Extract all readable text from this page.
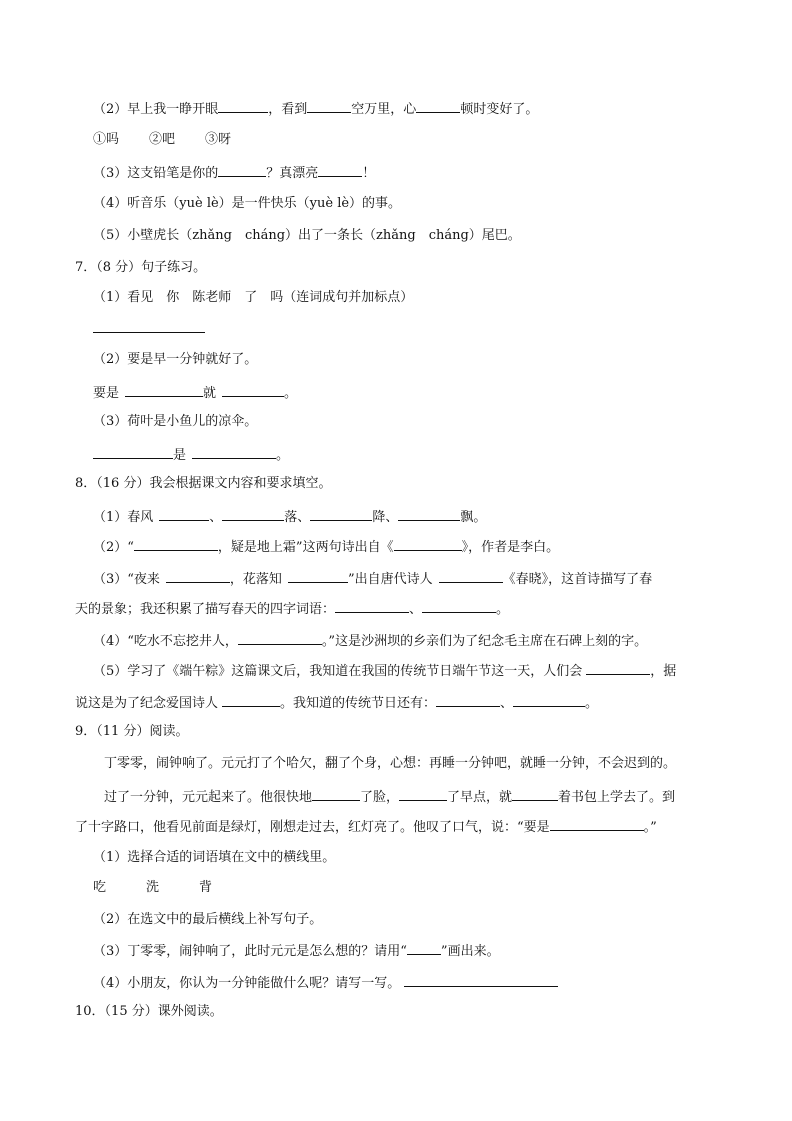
（2）早上我一睁开眼	，看到	空万里，心	顿时变好了。
①吗 ②吧 ③呀
（3）这支铅笔是你的	？真漂亮	！
（4）听音乐（yuè lè）是一件快乐（yuè lè）的事。
（5）小壁虎长（zhǎng　cháng）出了一条长（zhǎng　cháng）尾巴。
7．（8 分）句子练习。
（1）看见　你　陈老师　了　吗（连词成句并加标点）
（2）要是早一分钟就好了。
要是	就	。
（3）荷叶是小鱼儿的凉伞。
是	。
8．（16 分）我会根据课文内容和要求填空。
（1）春风	、	落、	降、	飘。
（2）“	，疑是地上霜”这两句诗出自《	》，作者是李白。
（3）“夜来	，花落知	”出自唐代诗人	《春晓》，这首诗描写了春
天的景象；我还积累了描写春天的四字词语：	、	。
（4）“吃水不忘挖井人，	。”这是沙洲坝的乡亲们为了纪念毛主席在石碑上刻的字。
（5）学习了《端午粽》这篇课文后，我知道在我国的传统节日端午节这一天，人们会	，据
说这是为了纪念爱国诗人	。我知道的传统节日还有：	、	。
9．（11 分）阅读。
丁零零，闹钟响了。元元打了个哈欠，翻了个身，心想：再睡一分钟吧，就睡一分钟，不会迟到的。
过了一分钟，元元起来了。他很快地	了脸，	了早点，就	着书包上学去了。到
了十字路口，他看见前面是绿灯，刚想走过去，红灯亮了。他叹了口气，说：“要是	。”
（1）选择合适的词语填在文中的横线里。
吃	洗	背
（2）在选文中的最后横线上补写句子。
（3）丁零零，闹钟响了，此时元元是怎么想的？请用“	”画出来。
（4）小朋友，你认为一分钟能做什么呢？请写一写。
10．（15 分）课外阅读。
